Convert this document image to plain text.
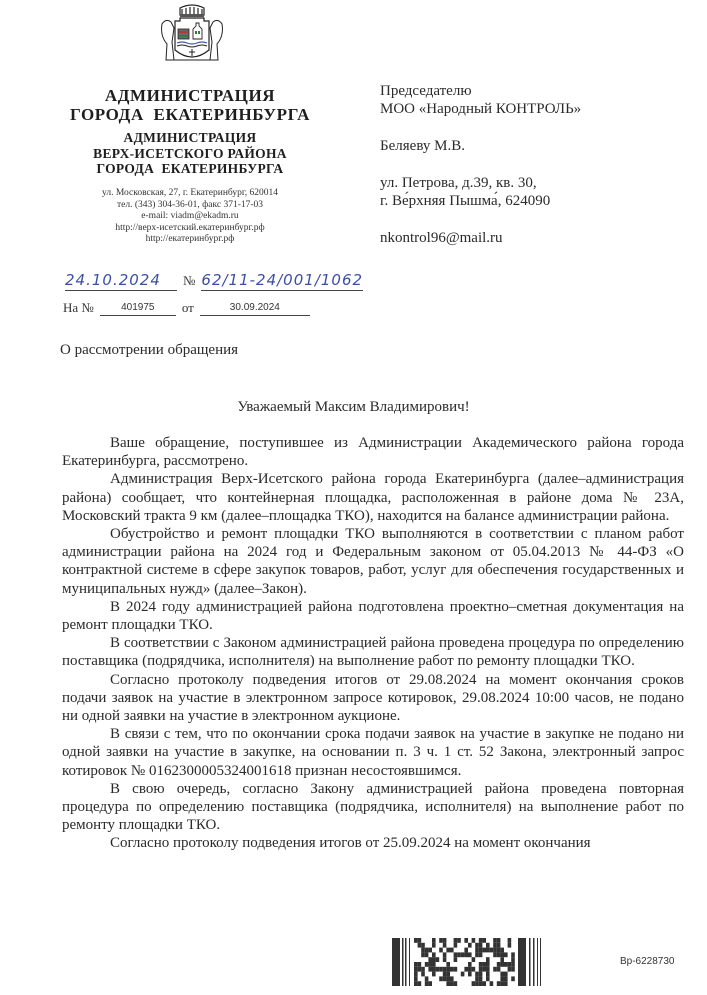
АДМИНИСТРАЦИЯ
ГОРОДА  ЕКАТЕРИНБУРГА
АДМИНИСТРАЦИЯ
ВЕРХ-ИСЕТСКОГО РАЙОНА
ГОРОДА  ЕКАТЕРИНБУРГА
ул. Московская, 27, г. Екатеринбург, 620014
тел. (343) 304-36-01, факс 371-17-03
e-mail: viadm@ekadm.ru
http://верх-исетский.екатеринбург.рф
http://екатеринбург.рф
Председателю
МОО «Народный КОНТРОЛЬ»
Беляеву М.В.
ул. Петрова, д.39, кв. 30,
г. Ве́рхняя Пышма́, 624090
nkontrol96@mail.ru
24.10.2024	№ 62/11-24/001/1062
На №	401975	от	30.09.2024
О рассмотрении обращения
Уважаемый Максим Владимирович!

Ваше обращение, поступившее из Администрации Академического района города Екатеринбурга, рассмотрено.

Администрация Верх-Исетского района города Екатеринбурга (далее–администрация района) сообщает, что контейнерная площадка, расположенная в районе дома № 23А, Московский тракта 9 км (далее–площадка ТКО), находится на балансе администрации района.

Обустройство и ремонт площадки ТКО выполняются в соответствии с планом работ администрации района на 2024 год и Федеральным законом от 05.04.2013 № 44-ФЗ «О контрактной системе в сфере закупок товаров, работ, услуг для обеспечения государственных и муниципальных нужд» (далее–Закон).

В 2024 году администрацией района подготовлена проектно–сметная документация на ремонт площадки ТКО.

В соответствии с Законом администрацией района проведена процедура по определению поставщика (подрядчика, исполнителя) на выполнение работ по ремонту площадки ТКО.

Согласно протоколу подведения итогов от 29.08.2024 на момент окончания сроков подачи заявок на участие в электронном запросе котировок, 29.08.2024 10:00 часов, не подано ни одной заявки на участие в электронном аукционе.

В связи с тем, что по окончании срока подачи заявок на участие в закупке не подано ни одной заявки на участие в закупке, на основании п. 3 ч. 1 ст. 52 Закона, электронный запрос котировок № 0162300005324001618 признан несостоявшимся.

В свою очередь, согласно Закону администрацией района проведена повторная процедура по определению поставщика (подрядчика, исполнителя) на выполнение работ по ремонту площадки ТКО.

Согласно протоколу подведения итогов от 25.09.2024 на момент окончания

Вр-6228730
